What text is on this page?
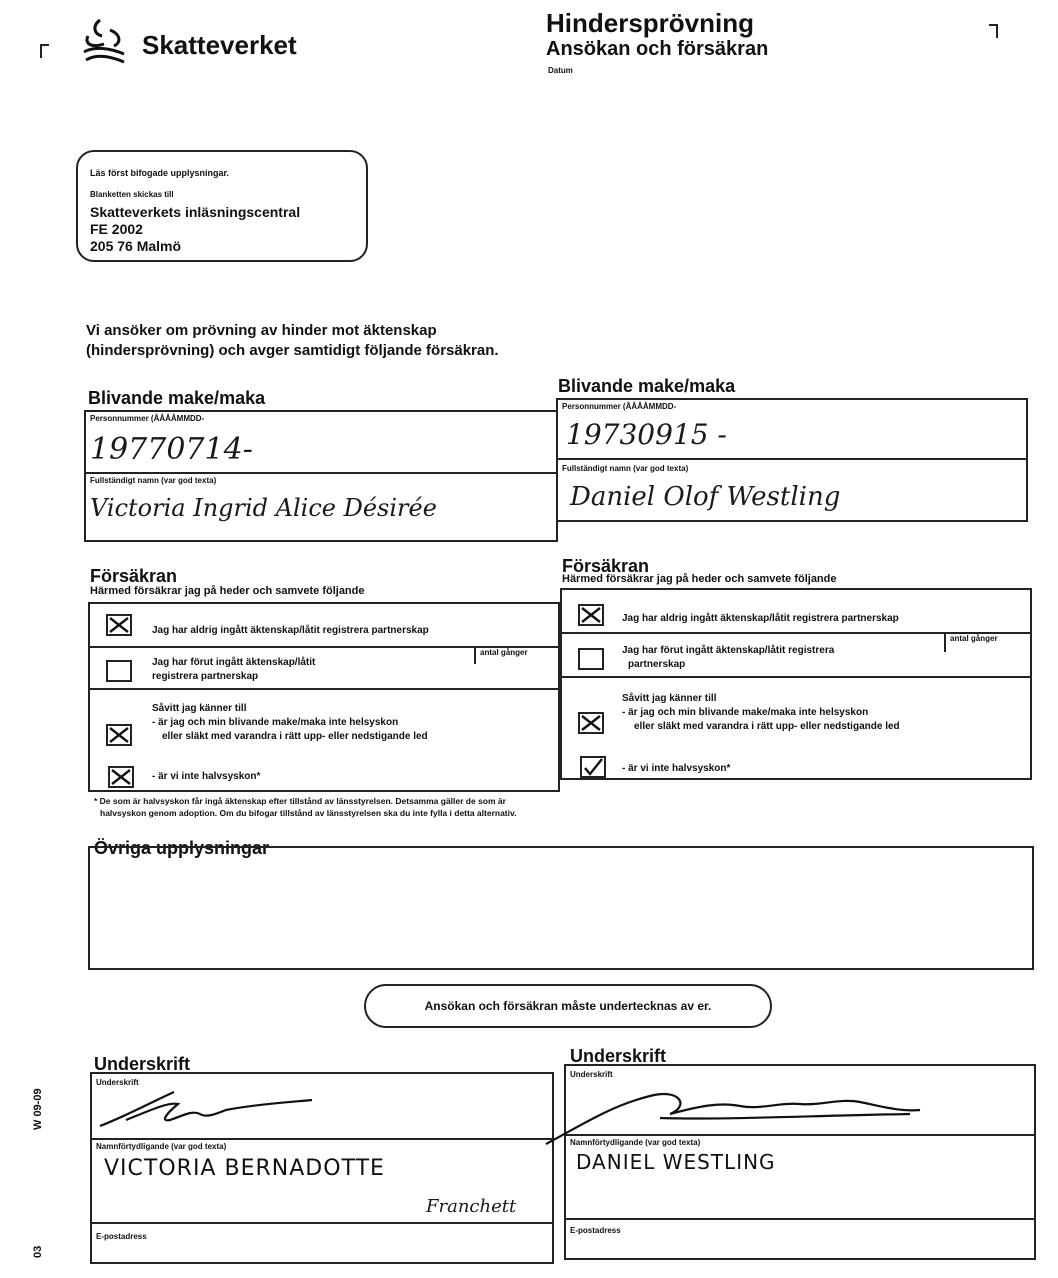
Skatteverket
Hindersprövning
Ansökan och försäkran
Datum
Läs först bifogade upplysningar.
Blanketten skickas till
Skatteverkets inläsningscentral
FE 2002
205 76 Malmö
Vi ansöker om prövning av hinder mot äktenskap
(hindersprövning) och avger samtidigt följande försäkran.
Blivande make/maka
Personnummer (ÅÅÅÅMMDD-
19770714-
Fullständigt namn (var god texta)
Victoria Ingrid Alice Désirée
Blivande make/maka
Personnummer (ÅÅÅÅMMDD-
19730915 -
Fullständigt namn (var god texta)
Daniel Olof Westling
Försäkran
Härmed försäkrar jag på heder och samvete följande
Jag har aldrig ingått äktenskap/låtit registrera partnerskap
Jag har förut ingått äktenskap/låtit
registrera partnerskap
antal gånger
Såvitt jag känner till
- är jag och min blivande make/maka inte helsyskon
eller släkt med varandra i rätt upp- eller nedstigande led
- är vi inte halvsyskon*
Försäkran
Härmed försäkrar jag på heder och samvete följande
Jag har aldrig ingått äktenskap/låtit registrera partnerskap
Jag har förut ingått äktenskap/låtit registrera
partnerskap
antal gånger
Såvitt jag känner till
- är jag och min blivande make/maka inte helsyskon
eller släkt med varandra i rätt upp- eller nedstigande led
- är vi inte halvsyskon*
* De som är halvsyskon får ingå äktenskap efter tillstånd av länsstyrelsen. Detsamma gäller de som är
halvsyskon genom adoption. Om du bifogar tillstånd av länsstyrelsen ska du inte fylla i detta alternativ.
Övriga upplysningar
Ansökan och försäkran måste undertecknas av er.
Underskrift
Underskrift
Namnförtydligande (var god texta)
VICTORIA BERNADOTTE
Franchett
E-postadress
Underskrift
Underskrift
Namnförtydligande (var god texta)
DANIEL WESTLING
E-postadress
W 09-09
03
